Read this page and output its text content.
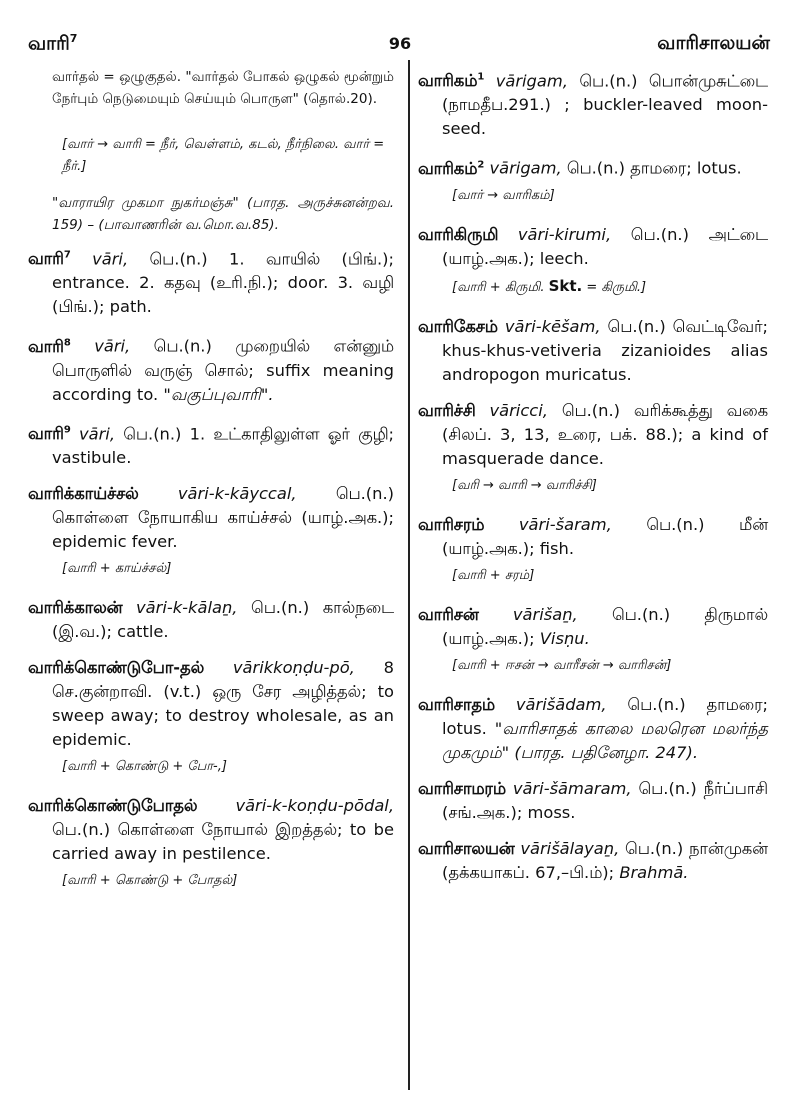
வாரி$^7$	96	வாரிசாலயன்

வார்தல் = ஒழுகுதல். "வார்தல் போகல் ஒழுகல் மூன்றும் நேர்பும் நெடுமையும் செய்யும் பொருள" (தொல்.20).

[வார் → வாரி = நீர், வெள்ளம், கடல், நீர்நிலை. வார் = நீர்.]

"வாராயிர முகமா நுகர்மஞ்சு" (பாரத. அருச்சுனன்றவ. 159) – (பாவாணரின் வ.மொ.வ.85).

வாரி$^7$ vāri, பெ.(n.) 1. வாயில் (பிங்.); entrance. 2. கதவு (உரி.நி.); door. 3. வழி (பிங்.); path.
வாரி$^8$ vāri, பெ.(n.) முறையில் என்னும் பொருளில் வருஞ் சொல்; suffix meaning according to. "வகுப்புவாரி".
வாரி$^9$ vāri, பெ.(n.) 1. உட்காதிலுள்ள ஓர் குழி; vastibule.
வாரிக்காய்ச்சல் vāri-k-kāyccal, பெ.(n.) கொள்ளை நோயாகிய காய்ச்சல் (யாழ்.அக.); epidemic fever.

[வாரி + காய்ச்சல்]

வாரிக்காலன் vāri-k-kālaṉ, பெ.(n.) கால்நடை (இ.வ.); cattle.
வாரிக்கொண்டுபோ-தல் vārikkoṇḍu-pō, 8 செ.குன்றாவி. (v.t.) ஒரு சேர அழித்தல்; to sweep away; to destroy wholesale, as an epidemic.

[வாரி + கொண்டு + போ-,]

வாரிக்கொண்டுபோதல் vāri-k-koṇḍu-pōdal, பெ.(n.) கொள்ளை நோயால் இறத்தல்; to be carried away in pestilence.

[வாரி + கொண்டு + போதல்]

வாரிகம்$^1$ vārigam, பெ.(n.) பொன்முசுட்டை (நாமதீப.291.) ; buckler-leaved moon-seed.
வாரிகம்$^2$ vārigam, பெ.(n.) தாமரை; lotus.

[வார் → வாரிகம்]

வாரிகிருமி vāri-kirumi, பெ.(n.) அட்டை (யாழ்.அக.); leech.

[வாரி + கிருமி. Skt. = கிருமி.]

வாரிகேசம் vāri-kēšam, பெ.(n.) வெட்டிவேர்; khus-khus-vetiveria zizanioides alias andropogon muricatus.
வாரிச்சி vāricci, பெ.(n.) வரிக்கூத்து வகை (சிலப். 3, 13, உரை, பக். 88.); a kind of masquerade dance.

[வரி → வாரி → வாரிச்சி]

வாரிசரம் vāri-šaram, பெ.(n.) மீன் (யாழ்.அக.); fish.

[வாரி + சரம்]

வாரிசன் vārišaṉ, பெ.(n.) திருமால் (யாழ்.அக.); Visṇu.

[வாரி + ஈசன் → வாரீசன் → வாரிசன்]

வாரிசாதம் vārišādam, பெ.(n.) தாமரை; lotus. "வாரிசாதக் காலை மலரென மலர்ந்த முகமும்" (பாரத. பதினேழா. 247).
வாரிசாமரம் vāri-šāmaram, பெ.(n.) நீர்ப்பாசி (சங்.அக.); moss.
வாரிசாலயன் vārišālayaṉ, பெ.(n.) நான்முகன் (தக்கயாகப். 67,–பி.ம்); Brahmā.
